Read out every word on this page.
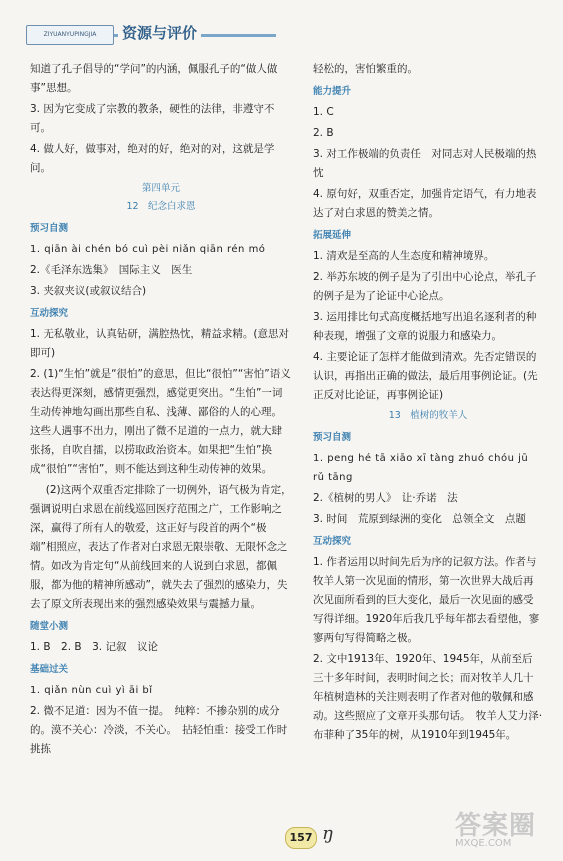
ZIYUANYUPINGJIA	资源与评价

知道了孔子倡导的“学问”的内涵，佩服孔子的“做人做事”思想。

3. 因为它变成了宗教的教条，硬性的法律，非遵守不可。

4. 做人好，做事对，绝对的好，绝对的对，这就是学问。

第四单元

12　纪念白求恩

预习自测

1. qiān ài chén bó cuì pèi niǎn qiān rén mó

2.《毛泽东选集》　国际主义　医生

3. 夹叙夹议(或叙议结合)

互动探究

1. 无私敬业，认真钻研，满腔热忱，精益求精。(意思对即可)

2. (1)“生怕”就是“很怕”的意思，但比“很怕”“害怕”语义表达得更深刻，感情更强烈，感觉更突出。“生怕”一词生动传神地勾画出那些自私、浅薄、鄙俗的人的心理。这些人遇事不出力，刚出了微不足道的一点力，就大肆张扬，自吹自擂，以捞取政治资本。如果把“生怕”换成“很怕”“害怕”，则不能达到这种生动传神的效果。

(2)这两个双重否定排除了一切例外，语气极为肯定，强调说明白求恩在前线巡回医疗范围之广，工作影响之深，赢得了所有人的敬爱，这正好与段首的两个“极端”相照应，表达了作者对白求恩无限崇敬、无限怀念之情。如改为肯定句“从前线回来的人说到白求恩，都佩服，都为他的精神所感动”，就失去了强烈的感染力，失去了原文所表现出来的强烈感染效果与震撼力量。

随堂小测

1. B　2. B　3. 记叙　议论

基础过关

1. qiǎn nùn cuì yì āi bǐ

2. 微不足道：因为不值一提。　纯粹：不掺杂别的成分的。漠不关心：冷淡，不关心。　拈轻怕重：接受工作时挑拣

轻松的，害怕繁重的。

能力提升

1. C

2. B

3. 对工作极端的负责任　对同志对人民极端的热忱

4. 原句好，双重否定，加强肯定语气，有力地表达了对白求恩的赞美之情。

拓展延伸

1. 清欢是至高的人生态度和精神境界。

2. 举苏东坡的例子是为了引出中心论点，举孔子的例子是为了论证中心论点。

3. 运用排比句式高度概括地写出追名逐利者的种种表现，增强了文章的说服力和感染力。

4. 主要论证了怎样才能做到清欢。先否定错误的认识，再指出正确的做法，最后用事例论证。(先正反对比论证，再事例论证)

13　植树的牧羊人

预习自测

1. peng hé tā xiāo xī tàng zhuó chóu jū rǔ tāng

2.《植树的男人》　让·乔诺　法

3. 时间　荒原到绿洲的变化　总领全文　点题

互动探究

1. 作者运用以时间先后为序的记叙方法。作者与牧羊人第一次见面的情形，第一次世界大战后再次见面所看到的巨大变化，最后一次见面的感受写得详细。1920年后我几乎每年都去看望他，寥寥两句写得简略之极。

2. 文中1913年、1920年、1945年，从前至后三十多年时间，表明时间之长；而对牧羊人几十年植树造林的关注则表明了作者对他的敬佩和感动。这些照应了文章开头那句话。　牧羊人艾力泽·布菲种了35年的树，从1910年到1945年。

157 ŋ	答案圈
MXQE.COM
